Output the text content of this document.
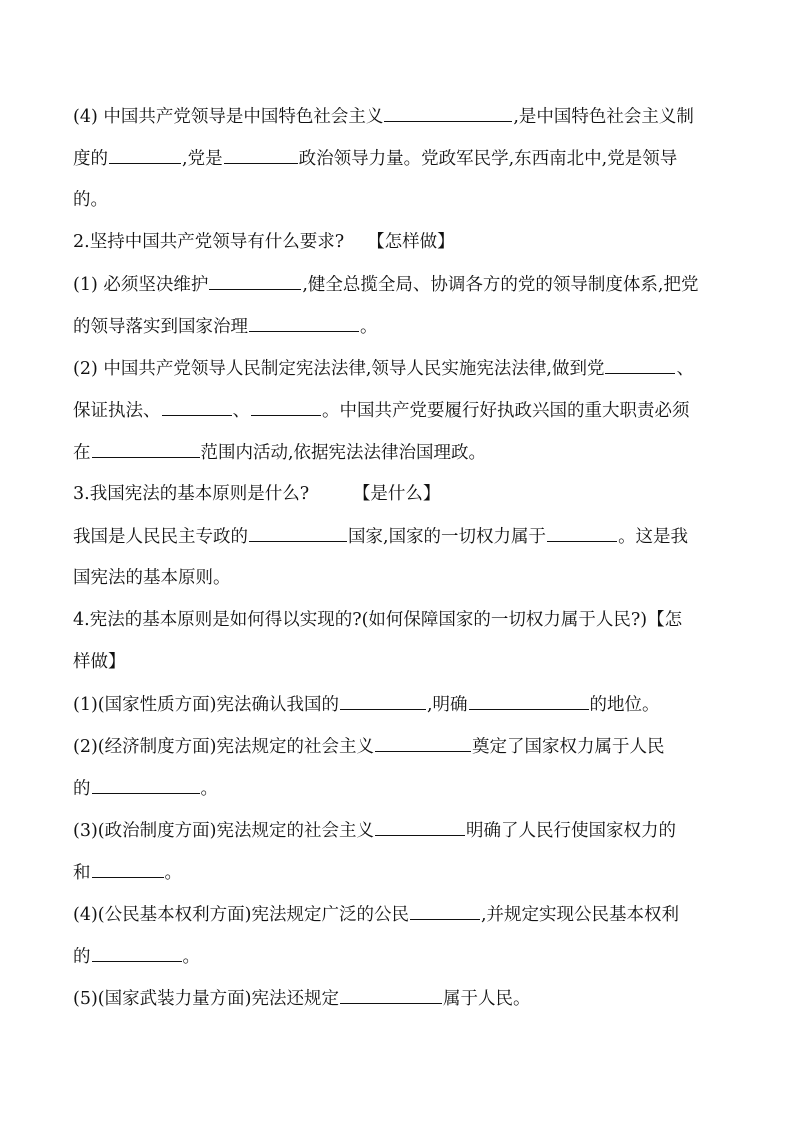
(4) 中国共产党领导是中国特色社会主义	,是中国特色社会主义制
度的	,党是	政治领导力量。党政军民学,东西南北中,党是领导
的。
2.坚持中国共产党领导有什么要求?　 【怎样做】
(1) 必须坚决维护	,健全总揽全局、协调各方的党的领导制度体系,把党
的领导落实到国家治理	。
(2) 中国共产党领导人民制定宪法法律,领导人民实施宪法法律,做到党	、
保证执法、	、	。中国共产党要履行好执政兴国的重大职责必须
在	范围内活动,依据宪法法律治国理政。
3.我国宪法的基本原则是什么?　　　【是什么】
我国是人民民主专政的	国家,国家的一切权力属于	。这是我
国宪法的基本原则。
4.宪法的基本原则是如何得以实现的?(如何保障国家的一切权力属于人民?)【怎
样做】
(1)(国家性质方面)宪法确认我国的	,明确	的地位。
(2)(经济制度方面)宪法规定的社会主义	奠定了国家权力属于人民
的	。
(3)(政治制度方面)宪法规定的社会主义	明确了人民行使国家权力的
和	。
(4)(公民基本权利方面)宪法规定广泛的公民	,并规定实现公民基本权利
的	。
(5)(国家武装力量方面)宪法还规定	属于人民。
